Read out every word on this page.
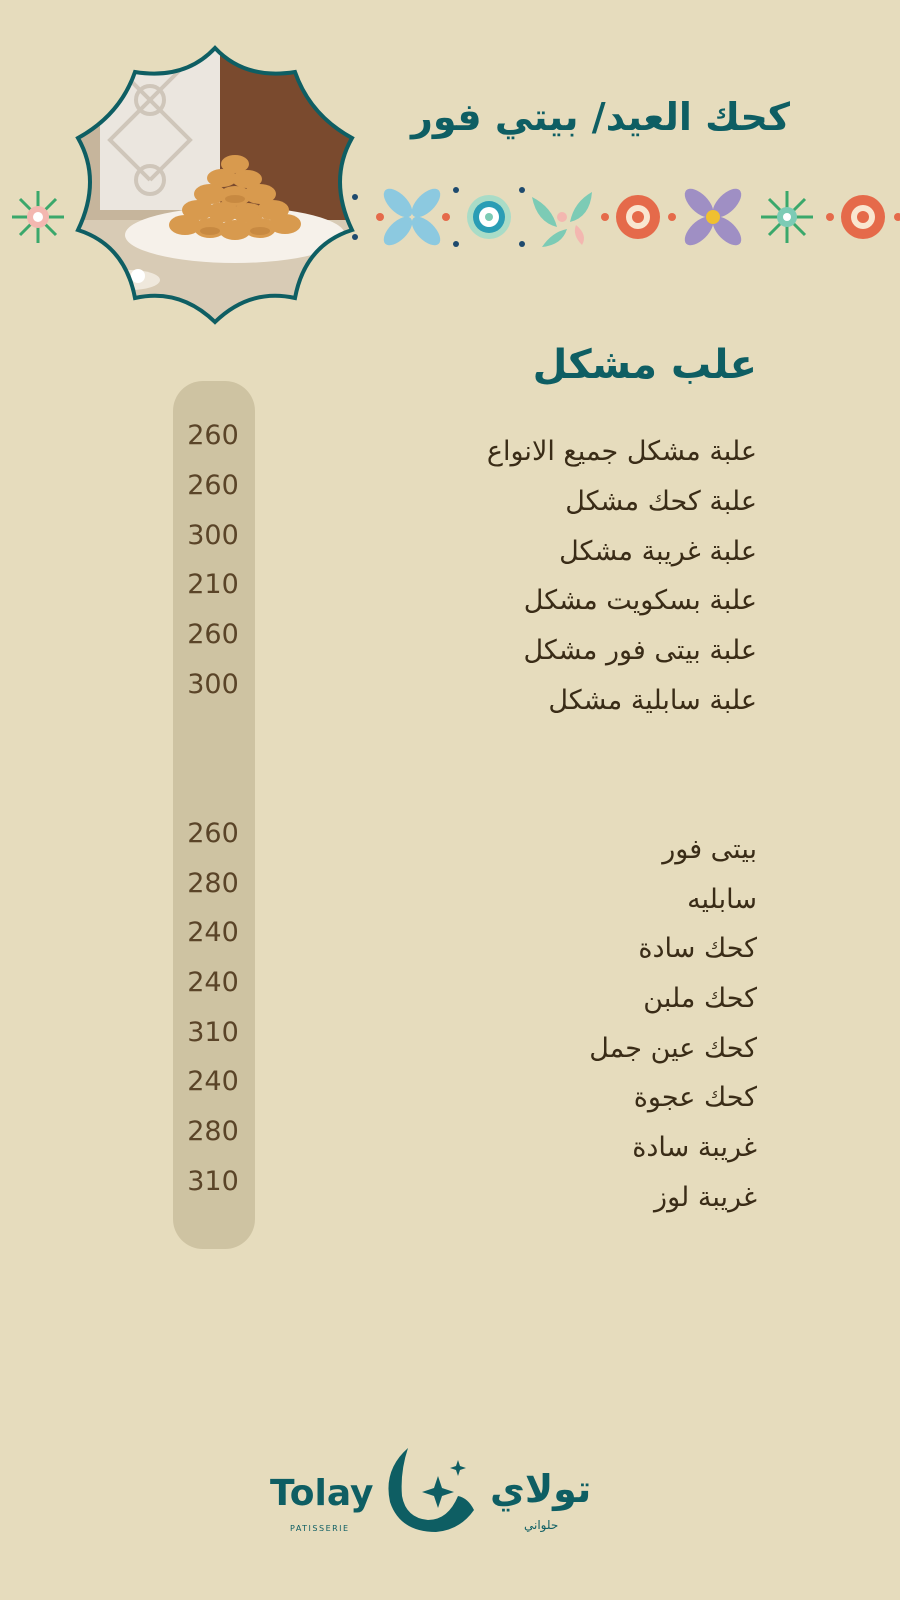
كحك العيد/ بيتي فور
علب مشكل
علبة مشكل جميع الانواع
260
علبة كحك مشكل
260
علبة غريبة مشكل
300
علبة بسكويت مشكل
210
علبة بيتى فور مشكل
260
علبة سابلية مشكل
300
بيتى فور
260
سابليه
280
كحك سادة
240
كحك ملبن
240
كحك عين جمل
310
كحك عجوة
240
غريبة سادة
280
غريبة لوز
310
Tolay
PATISSERIE
تولاي
حلواني
